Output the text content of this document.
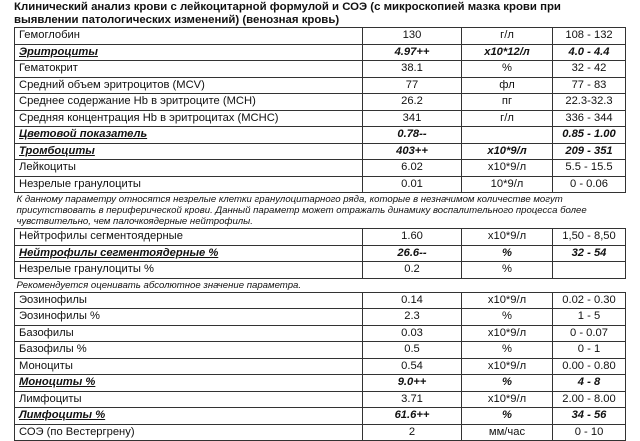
Клинический анализ крови с лейкоцитарной формулой и СОЭ (с микроскопией мазка крови при выявлении патологических изменений) (венозная кровь)
Гемоглобин	130	г/л	108 - 132
Эритроциты	4.97++	x10*12/л	4.0 - 4.4
Гематокрит	38.1	%	32 - 42
Средний объем эритроцитов (MCV)	77	фл	77 - 83
Среднее содержание Hb в эритроците (MCH)	26.2	пг	22.3-32.3
Средняя концентрация Hb в эритроцитах (MCHC)	341	г/л	336 - 344
Цветовой показатель	0.78--		0.85 - 1.00
Тромбоциты	403++	x10*9/л	209 - 351
Лейкоциты	6.02	x10*9/л	5.5 - 15.5
Незрелые гранулоциты	0.01	10*9/л	0 - 0.06
К данному параметру относятся незрелые клетки гранулоцитарного ряда, которые в незначимом количестве могут присутствовать в периферической крови. Данный параметр может отражать динамику воспалительного процесса более чувствительно, чем палочкоядерные нейтрофилы.			
Нейтрофилы сегментоядерные	1.60	x10*9/л	1,50 - 8,50
Нейтрофилы сегментоядерные %	26.6--	%	32 - 54
Незрелые гранулоциты %	0.2	%	
Рекомендуется оценивать абсолютное значение параметра.			
Эозинофилы	0.14	x10*9/л	0.02 - 0.30
Эозинофилы %	2.3	%	1 - 5
Базофилы	0.03	x10*9/л	0 - 0.07
Базофилы %	0.5	%	0 - 1
Моноциты	0.54	x10*9/л	0.00 - 0.80
Моноциты %	9.0++	%	4 - 8
Лимфоциты	3.71	x10*9/л	2.00 - 8.00
Лимфоциты %	61.6++	%	34 - 56
СОЭ (по Вестергрену)	2	мм/час	0 - 10
